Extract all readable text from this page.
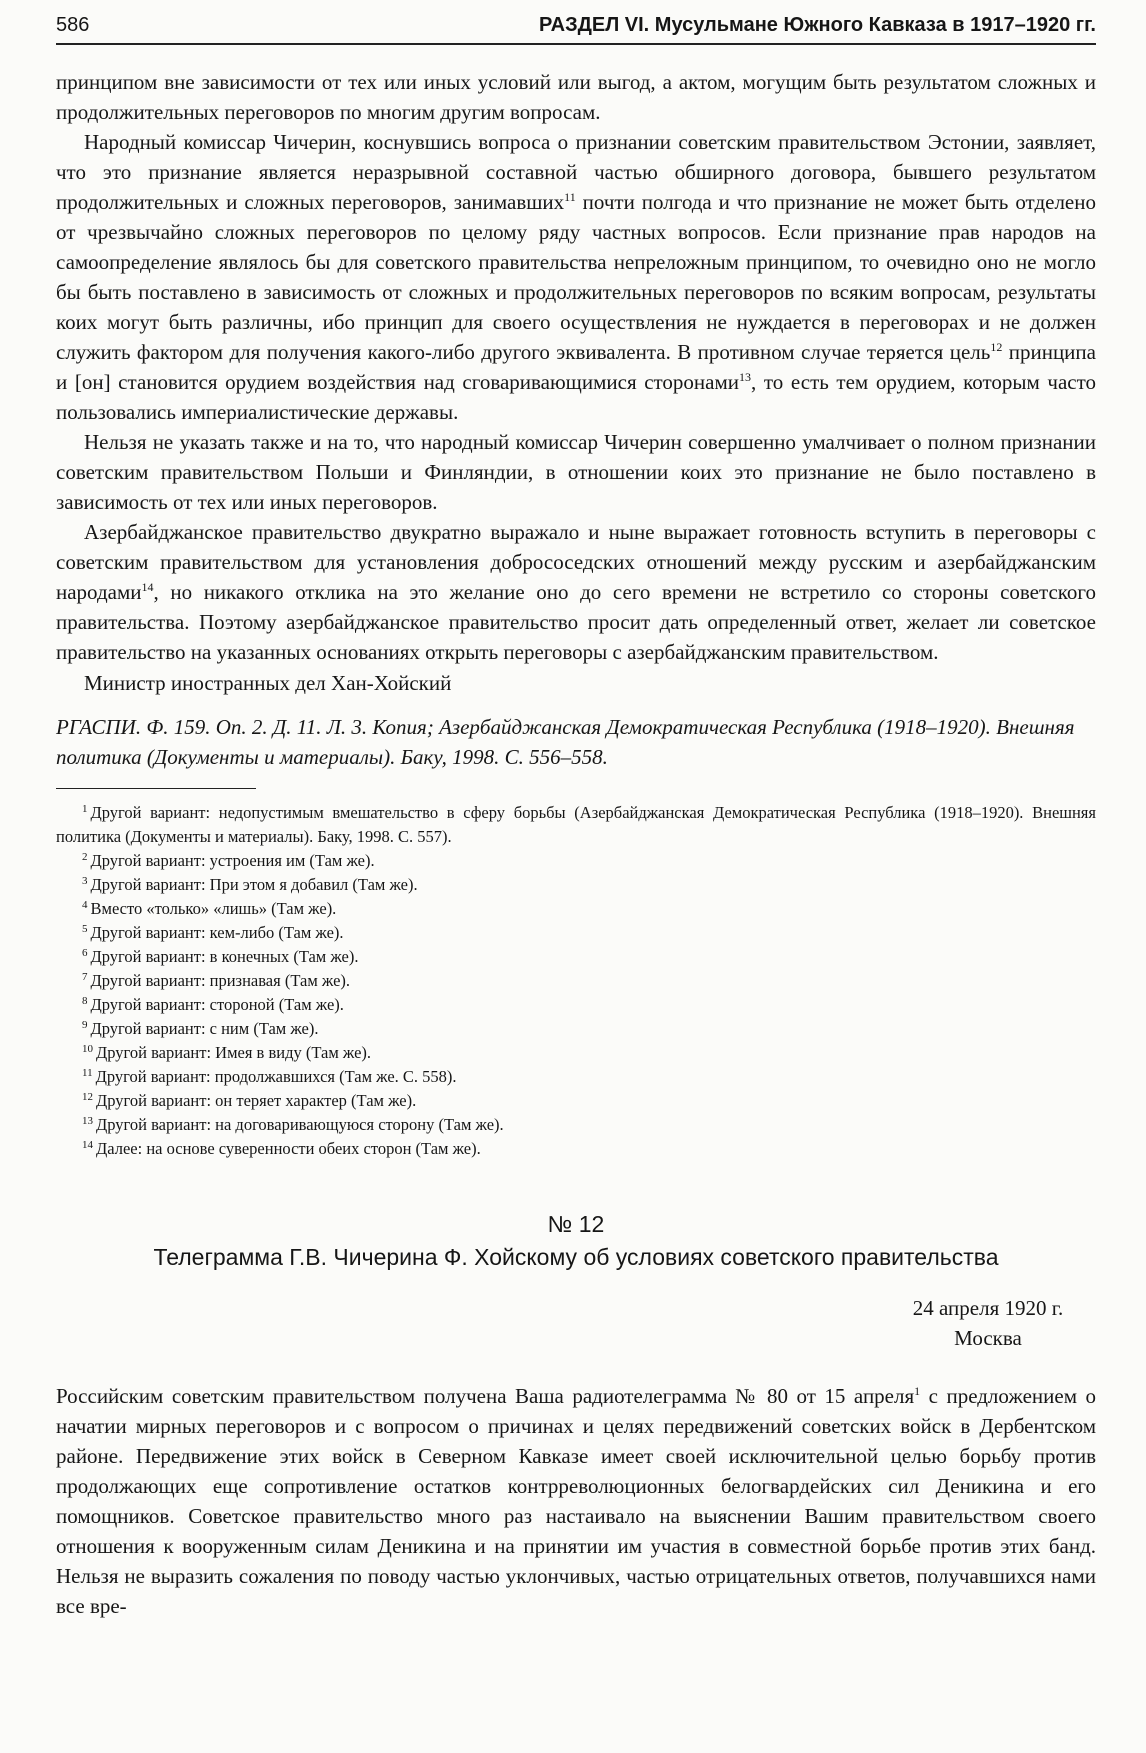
586	РАЗДЕЛ VI. Мусульмане Южного Кавказа в 1917–1920 гг.

принципом вне зависимости от тех или иных условий или выгод, а актом, могущим быть результатом сложных и продолжительных переговоров по многим другим вопросам.

Народный комиссар Чичерин, коснувшись вопроса о признании советским правительством Эстонии, заявляет, что это признание является неразрывной составной частью обширного договора, бывшего результатом продолжительных и сложных переговоров, занимавших$^{11}$ почти полгода и что признание не может быть отделено от чрезвычайно сложных переговоров по целому ряду частных вопросов. Если признание прав народов на самоопределение являлось бы для советского правительства непреложным принципом, то очевидно оно не могло бы быть поставлено в зависимость от сложных и продолжительных переговоров по всяким вопросам, результаты коих могут быть различны, ибо принцип для своего осуществления не нуждается в переговорах и не должен служить фактором для получения какого-либо другого эквивалента. В противном случае теряется цель$^{12}$ принципа и [он] становится орудием воздействия над сговаривающимися сторонами$^{13}$, то есть тем орудием, которым часто пользовались империалистические державы.

Нельзя не указать также и на то, что народный комиссар Чичерин совершенно умалчивает о полном признании советским правительством Польши и Финляндии, в отношении коих это признание не было поставлено в зависимость от тех или иных переговоров.

Азербайджанское правительство двукратно выражало и ныне выражает готовность вступить в переговоры с советским правительством для установления добрососедских отношений между русским и азербайджанским народами$^{14}$, но никакого отклика на это желание оно до сего времени не встретило со стороны советского правительства. Поэтому азербайджанское правительство просит дать определенный ответ, желает ли советское правительство на указанных основаниях открыть переговоры с азербайджанским правительством.

Министр иностранных дел Хан-Хойский

РГАСПИ. Ф. 159. Оп. 2. Д. 11. Л. 3. Копия; Азербайджанская Демократическая Республика (1918–1920). Внешняя политика (Документы и материалы). Баку, 1998. С. 556–558.

$^1$ Другой вариант: недопустимым вмешательство в сферу борьбы (Азербайджанская Демократическая Республика (1918–1920). Внешняя политика (Документы и материалы). Баку, 1998. С. 557).

$^2$ Другой вариант: устроения им (Там же).

$^3$ Другой вариант: При этом я добавил (Там же).

$^4$ Вместо «только» «лишь» (Там же).

$^5$ Другой вариант: кем-либо (Там же).

$^6$ Другой вариант: в конечных (Там же).

$^7$ Другой вариант: признавая (Там же).

$^8$ Другой вариант: стороной (Там же).

$^9$ Другой вариант: с ним (Там же).

$^{10}$ Другой вариант: Имея в виду (Там же).

$^{11}$ Другой вариант: продолжавшихся (Там же. С. 558).

$^{12}$ Другой вариант: он теряет характер (Там же).

$^{13}$ Другой вариант: на договаривающуюся сторону (Там же).

$^{14}$ Далее: на основе суверенности обеих сторон (Там же).

№ 12
Телеграмма Г.В. Чичерина Ф. Хойскому об условиях советского правительства
24 апреля 1920 г.
Москва
Российским советским правительством получена Ваша радиотелеграмма № 80 от 15 апреля$^1$ с предложением о начатии мирных переговоров и с вопросом о причинах и целях передвижений советских войск в Дербентском районе. Передвижение этих войск в Северном Кавказе имеет своей исключительной целью борьбу против продолжающих еще сопротивление остатков контрреволюционных белогвардейских сил Деникина и его помощников. Советское правительство много раз настаивало на выяснении Вашим правительством своего отношения к вооруженным силам Деникина и на принятии им участия в совместной борьбе против этих банд. Нельзя не выразить сожаления по поводу частью уклончивых, частью отрицательных ответов, получавшихся нами все вре-
